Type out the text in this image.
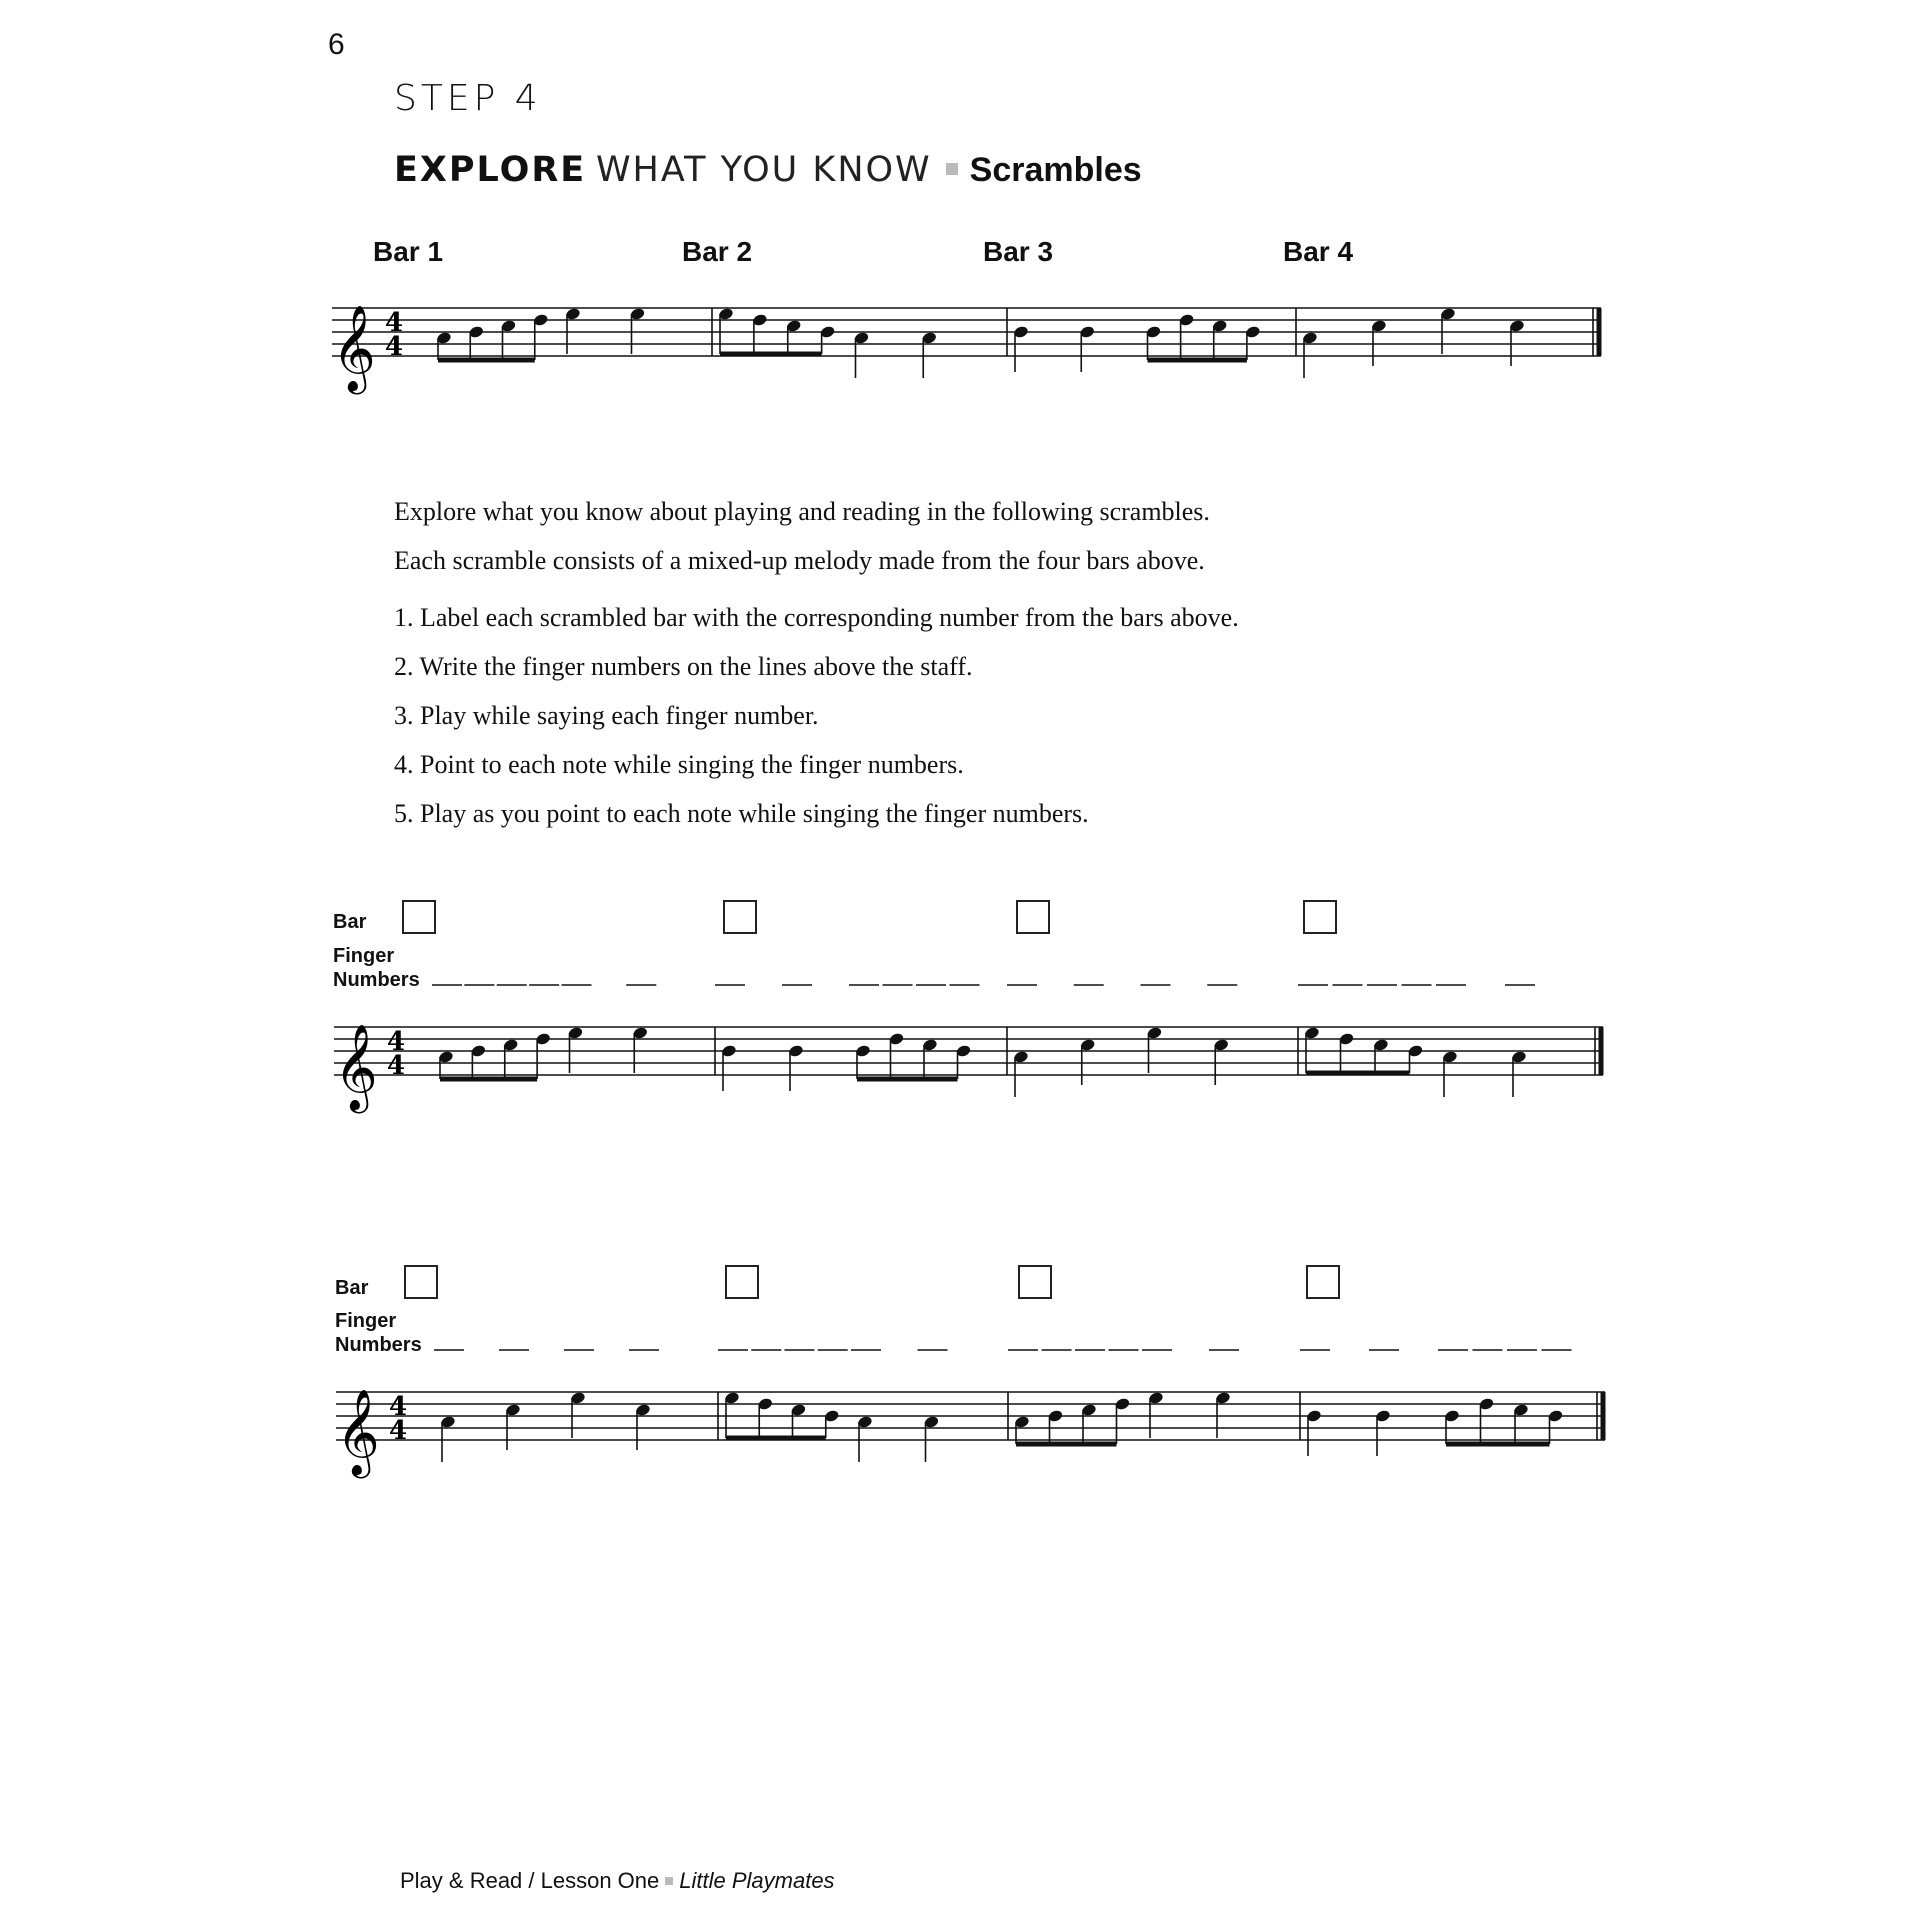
6
STEP 4
EXPLORE WHAT YOU KNOW Scrambles
Bar 1	Bar 2	Bar 3	Bar 4
𝄞 4
4
Explore what you know about playing and reading in the following scrambles.
Each scramble consists of a mixed-up melody made from the four bars above.
1. Label each scrambled bar with the corresponding number from the bars above.
2. Write the finger numbers on the lines above the staff.
3. Play while saying each finger number.
4. Point to each note while singing the finger numbers.
5. Play as you point to each note while singing the finger numbers.
Bar
Finger
Numbers
𝄞 4
4
Bar
Finger
Numbers
𝄞 4
4
Play & Read / Lesson One Little Playmates
